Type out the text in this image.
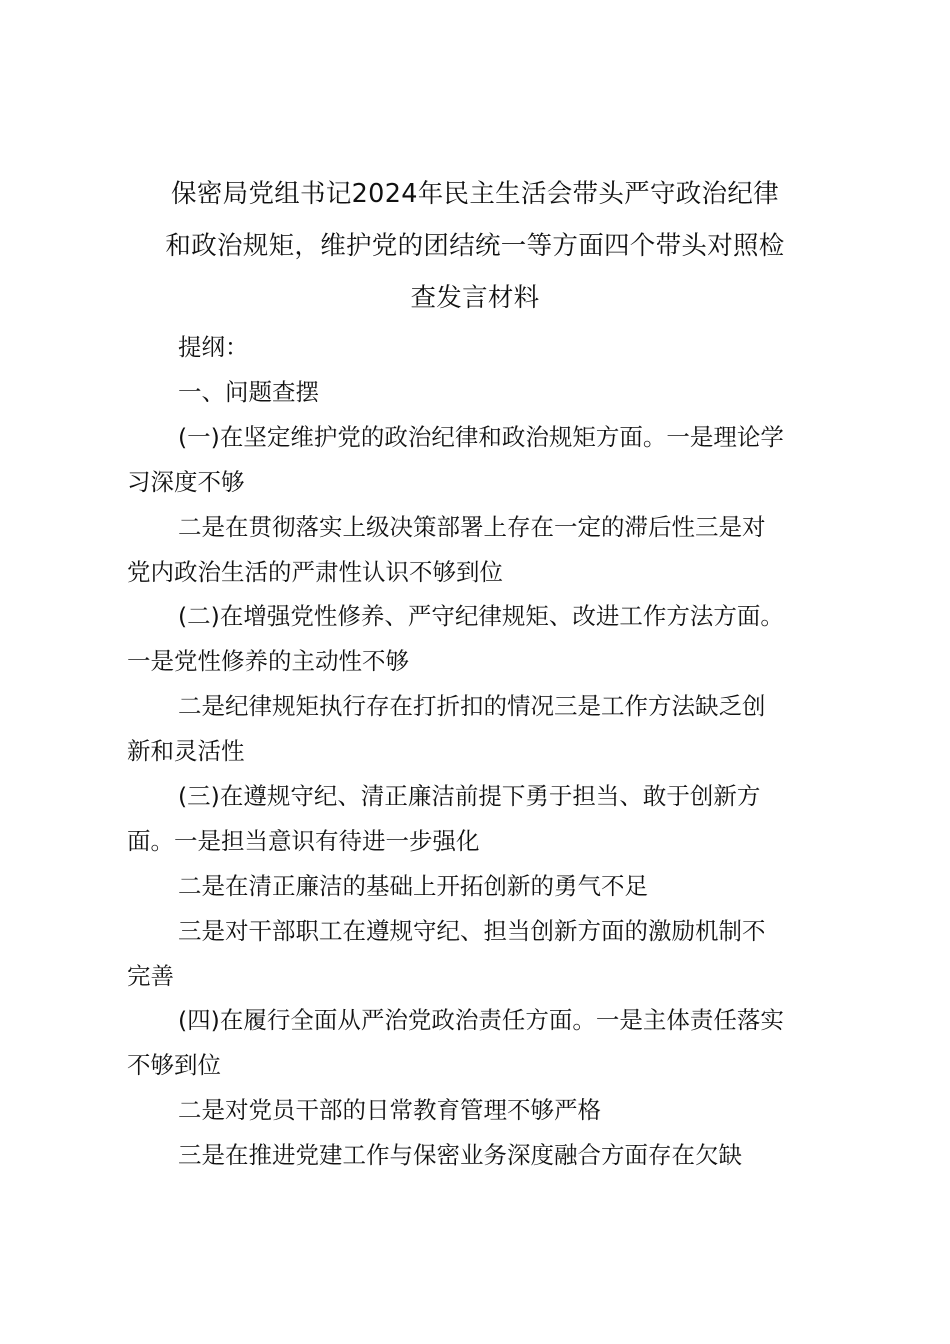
保密局党组书记2024年民主生活会带头严守政治纪律
和政治规矩，维护党的团结统一等方面四个带头对照检
查发言材料
提纲：
一、问题查摆
(一)在坚定维护党的政治纪律和政治规矩方面。一是理论学
习深度不够
二是在贯彻落实上级决策部署上存在一定的滞后性三是对
党内政治生活的严肃性认识不够到位
(二)在增强党性修养、严守纪律规矩、改进工作方法方面。
一是党性修养的主动性不够
二是纪律规矩执行存在打折扣的情况三是工作方法缺乏创
新和灵活性
(三)在遵规守纪、清正廉洁前提下勇于担当、敢于创新方
面。一是担当意识有待进一步强化
二是在清正廉洁的基础上开拓创新的勇气不足
三是对干部职工在遵规守纪、担当创新方面的激励机制不
完善
(四)在履行全面从严治党政治责任方面。一是主体责任落实
不够到位
二是对党员干部的日常教育管理不够严格
三是在推进党建工作与保密业务深度融合方面存在欠缺
